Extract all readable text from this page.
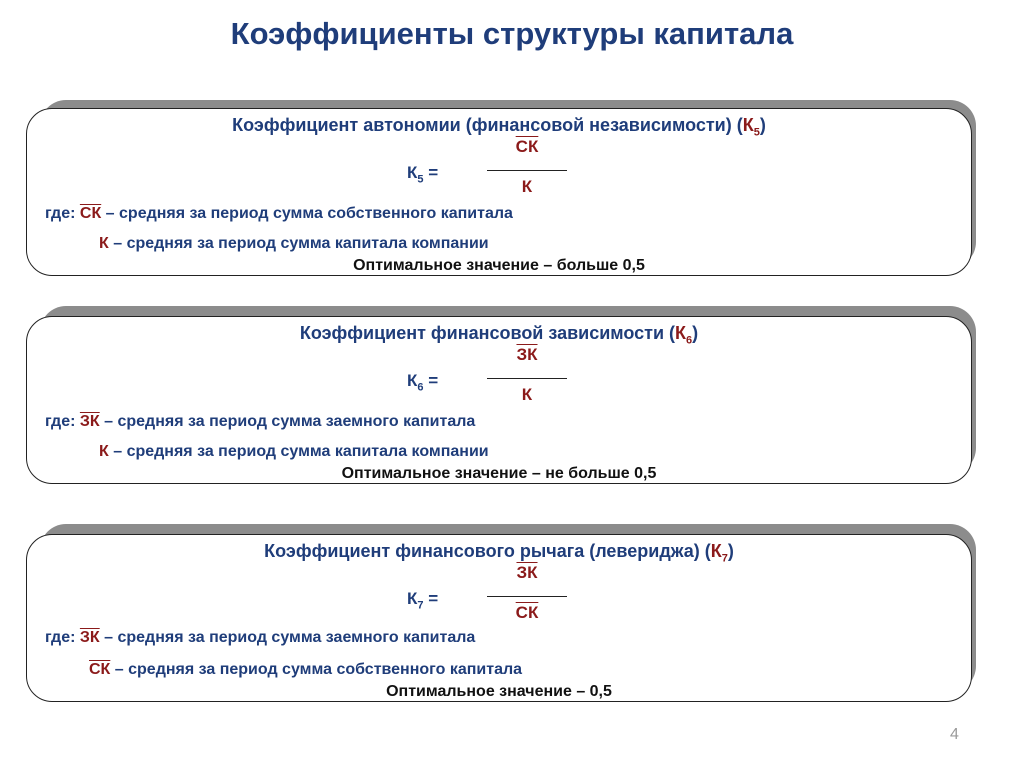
Коэффициенты структуры капитала
Коэффициент автономии (финансовой независимости) $(К_5)$
$К_5$ =
СК
К
где: СК – средняя за период сумма собственного капитала
К – средняя за период сумма капитала компании
Оптимальное значение – больше 0,5
Коэффициент финансовой зависимости $(К_6)$
$К_6$ =
ЗК
К
где: ЗК – средняя за период сумма заемного капитала
К – средняя за период сумма капитала компании
Оптимальное значение – не больше 0,5
Коэффициент финансового рычага (левериджа) $(К_7)$
$К_7$ =
ЗК
СК
где: ЗК – средняя за период сумма заемного капитала
СК – средняя за период сумма собственного капитала
Оптимальное значение – 0,5
4
